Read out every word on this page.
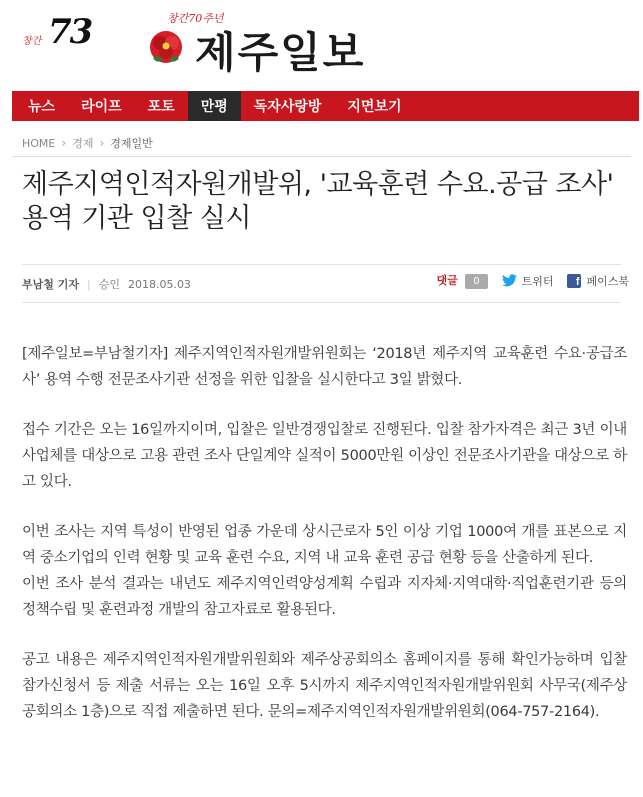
창간 73	창간70주년
제주일보
뉴스	라이프	포토	만평	독자사랑방	지면보기
HOME › 경제 › 경제일반
제주지역인적자원개발위, '교육훈련 수요.공급 조사'
용역 기관 입찰 실시
부남철 기자 | 승인 2018.05.03	댓글 0	트위터	f 페이스북

[제주일보=부남철기자] 제주지역인적자원개발위원회는 ‘2018년 제주지역 교육훈련 수요·공급조사’ 용역 수행 전문조사기관 선정을 위한 입찰을 실시한다고 3일 밝혔다.

접수 기간은 오는 16일까지이며, 입찰은 일반경쟁입찰로 진행된다. 입찰 참가자격은 최근 3년 이내 사업체를 대상으로 고용 관련 조사 단일계약 실적이 5000만원 이상인 전문조사기관을 대상으로 하고 있다.

이번 조사는 지역 특성이 반영된 업종 가운데 상시근로자 5인 이상 기업 1000여 개를 표본으로 지역 중소기업의 인력 현황 및 교육 훈련 수요, 지역 내 교육 훈련 공급 현황 등을 산출하게 된다.

이번 조사 분석 결과는 내년도 제주지역인력양성계획 수립과 지자체·지역대학·직업훈련기관 등의 정책수립 및 훈련과정 개발의 참고자료로 활용된다.

공고 내용은 제주지역인적자원개발위원회와 제주상공회의소 홈페이지를 통해 확인가능하며 입찰참가신청서 등 제출 서류는 오는 16일 오후 5시까지 제주지역인적자원개발위원회 사무국(제주상공회의소 1층)으로 직접 제출하면 된다. 문의=제주지역인적자원개발위원회(064-757-2164).
